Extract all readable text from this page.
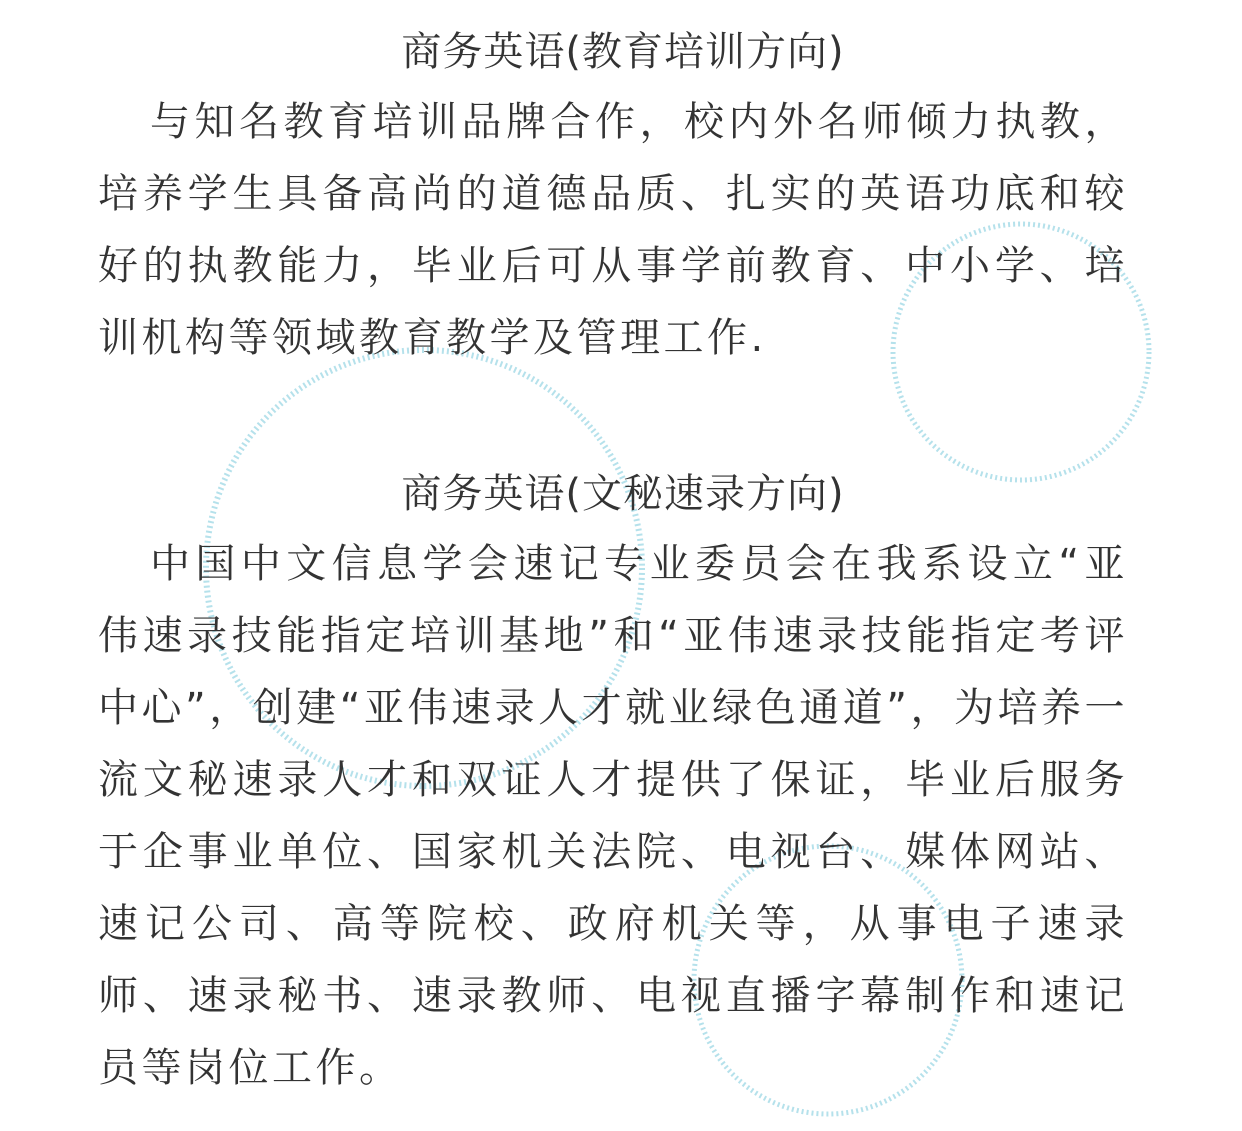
商务英语(教育培训方向)

与知名教育培训品牌合作，校内外名师倾力执教，培养学生具备高尚的道德品质、扎实的英语功底和较好的执教能力，毕业后可从事学前教育、中小学、培训机构等领域教育教学及管理工作.

商务英语(文秘速录方向)

中国中文信息学会速记专业委员会在我系设立“亚伟速录技能指定培训基地”和“亚伟速录技能指定考评中心”，创建“亚伟速录人才就业绿色通道”，为培养一流文秘速录人才和双证人才提供了保证，毕业后服务于企事业单位、国家机关法院、电视台、媒体网站、速记公司、高等院校、政府机关等，从事电子速录师、速录秘书、速录教师、电视直播字幕制作和速记员等岗位工作。
